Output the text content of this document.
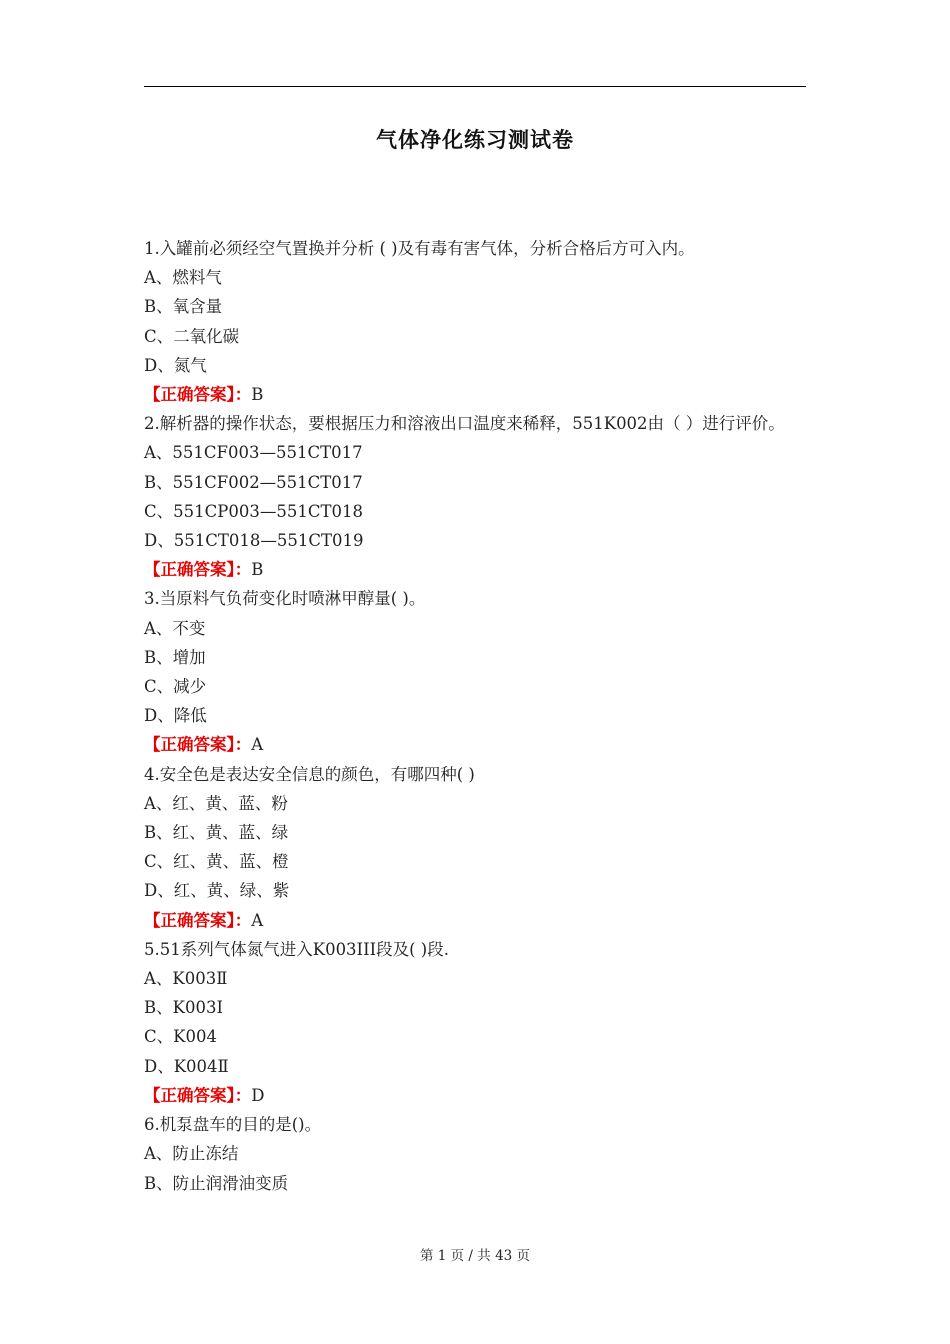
气体净化练习测试卷
1.入罐前必须经空气置换并分析 ( )及有毒有害气体，分析合格后方可入内。
A、燃料气
B、氧含量
C、二氧化碳
D、氮气
【正确答案】：B
2.解析器的操作状态，要根据压力和溶液出口温度来稀释，551K002由（ ）进行评价。
A、551CF003—551CT017
B、551CF002—551CT017
C、551CP003—551CT018
D、551CT018—551CT019
【正确答案】：B
3.当原料气负荷变化时喷淋甲醇量( )。
A、不变
B、增加
C、减少
D、降低
【正确答案】：A
4.安全色是表达安全信息的颜色，有哪四种( )
A、红、黄、蓝、粉
B、红、黄、蓝、绿
C、红、黄、蓝、橙
D、红、黄、绿、紫
【正确答案】：A
5.51系列气体氮气进入K003III段及( )段.
A、K003Ⅱ
B、K003Ⅰ
C、K004
D、K004Ⅱ
【正确答案】：D
6.机泵盘车的目的是()。
A、防止冻结
B、防止润滑油变质
第 1 页 / 共 43 页
